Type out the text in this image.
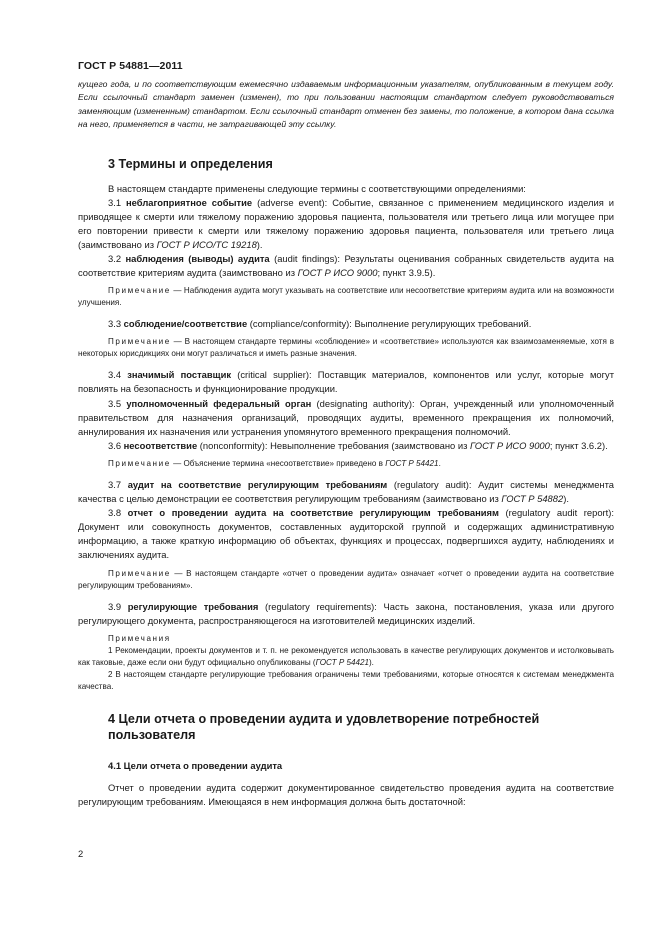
ГОСТ Р 54881—2011

кущего года, и по соответствующим ежемесячно издаваемым информационным указателям, опубликованным в текущем году. Если ссылочный стандарт заменен (изменен), то при пользовании настоящим стандартом следует руководствоваться заменяющим (измененным) стандартом. Если ссылочный стандарт отменен без замены, то положение, в котором дана ссылка на него, применяется в части, не затрагивающей эту ссылку.

3 Термины и определения

В настоящем стандарте применены следующие термины с соответствующими определениями:

3.1 неблагоприятное событие (adverse event): Событие, связанное с применением медицинского изделия и приводящее к смерти или тяжелому поражению здоровья пациента, пользователя или третьего лица или могущее при его повторении привести к смерти или тяжелому поражению здоровья пациента, пользователя или третьего лица (заимствовано из ГОСТ Р ИСО/ТС 19218).

3.2 наблюдения (выводы) аудита (audit findings): Результаты оценивания собранных свидетельств аудита на соответствие критериям аудита (заимствовано из ГОСТ Р ИСО 9000; пункт 3.9.5).

Примечание — Наблюдения аудита могут указывать на соответствие или несоответствие критериям аудита или на возможности улучшения.

3.3 соблюдение/соответствие (compliance/conformity): Выполнение регулирующих требований.

Примечание — В настоящем стандарте термины «соблюдение» и «соответствие» используются как взаимозаменяемые, хотя в некоторых юрисдикциях они могут различаться и иметь разные значения.

3.4 значимый поставщик (critical supplier): Поставщик материалов, компонентов или услуг, которые могут повлиять на безопасность и функционирование продукции.

3.5 уполномоченный федеральный орган (designating authority): Орган, учрежденный или уполномоченный правительством для назначения организаций, проводящих аудиты, временного прекращения их полномочий, аннулирования их назначения или устранения упомянутого временного прекращения полномочий.

3.6 несоответствие (nonconformity): Невыполнение требования (заимствовано из ГОСТ Р ИСО 9000; пункт 3.6.2).

Примечание — Объяснение термина «несоответствие» приведено в ГОСТ Р 54421.

3.7 аудит на соответствие регулирующим требованиям (regulatory audit): Аудит системы менеджмента качества с целью демонстрации ее соответствия регулирующим требованиям (заимствовано из ГОСТ Р 54882).

3.8 отчет о проведении аудита на соответствие регулирующим требованиям (regulatory audit report): Документ или совокупность документов, составленных аудиторской группой и содержащих административную информацию, а также краткую информацию об объектах, функциях и процессах, подвергшихся аудиту, наблюдениях и заключениях аудита.

Примечание — В настоящем стандарте «отчет о проведении аудита» означает «отчет о проведении аудита на соответствие регулирующим требованиям».

3.9 регулирующие требования (regulatory requirements): Часть закона, постановления, указа или другого регулирующего документа, распространяющегося на изготовителей медицинских изделий.

Примечания

1 Рекомендации, проекты документов и т. п. не рекомендуется использовать в качестве регулирующих документов и истолковывать как таковые, даже если они будут официально опубликованы (ГОСТ Р 54421).

2 В настоящем стандарте регулирующие требования ограничены теми требованиями, которые относятся к системам менеджмента качества.

4 Цели отчета о проведении аудита и удовлетворение потребностей пользователя
4.1 Цели отчета о проведении аудита

Отчет о проведении аудита содержит документированное свидетельство проведения аудита на соответствие регулирующим требованиям. Имеющаяся в нем информация должна быть достаточной:

2
